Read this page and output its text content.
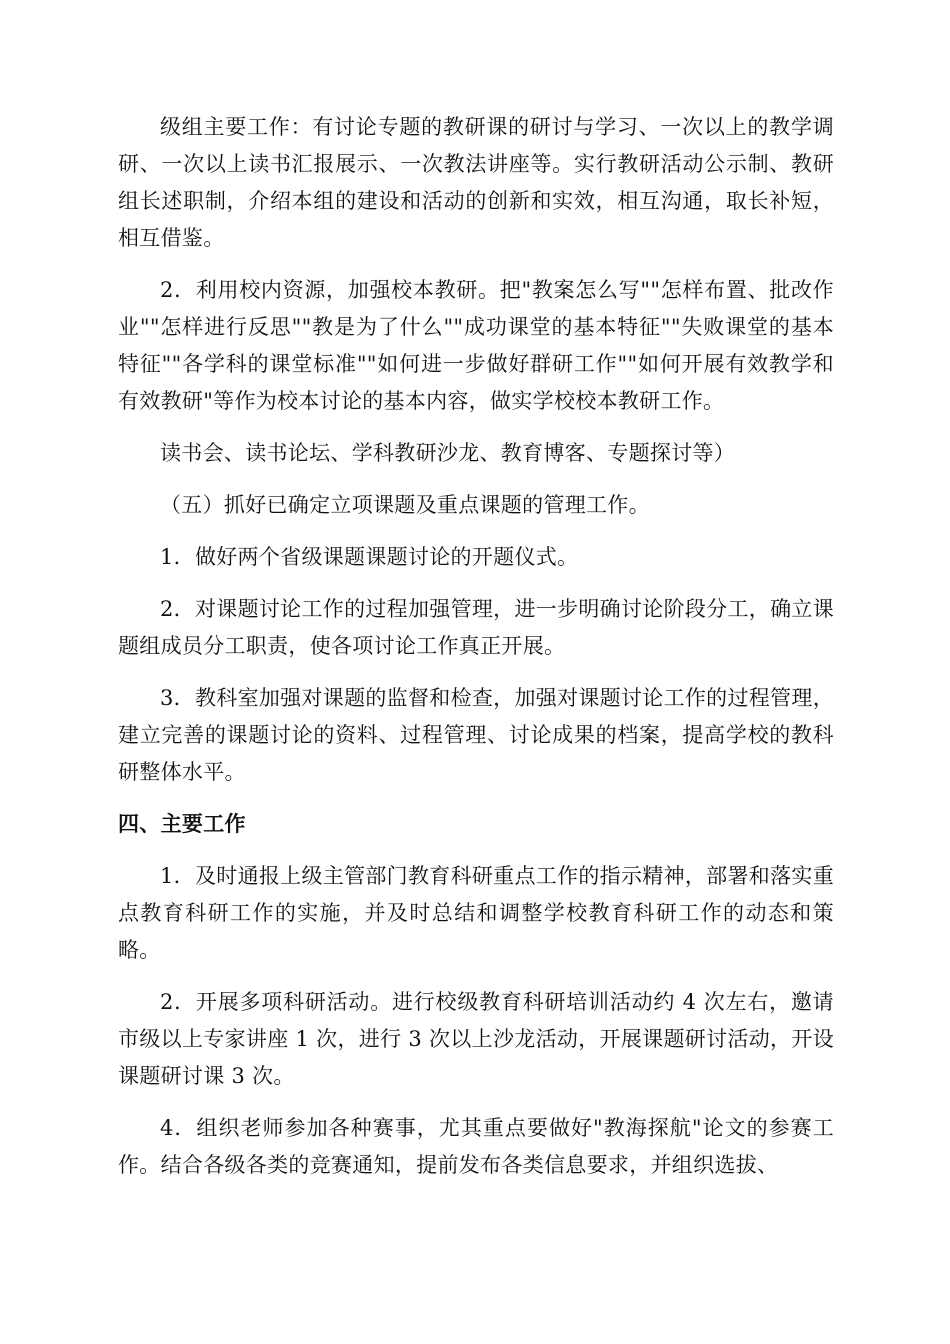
级组主要工作：有讨论专题的教研课的研讨与学习、一次以上的教学调研、一次以上读书汇报展示、一次教法讲座等。实行教研活动公示制、教研组长述职制，介绍本组的建设和活动的创新和实效，相互沟通，取长补短，相互借鉴。

2．利用校内资源，加强校本教研。把"教案怎么写""怎样布置、批改作业""怎样进行反思""教是为了什么""成功课堂的基本特征""失败课堂的基本特征""各学科的课堂标准""如何进一步做好群研工作""如何开展有效教学和有效教研"等作为校本讨论的基本内容，做实学校校本教研工作。

读书会、读书论坛、学科教研沙龙、教育博客、专题探讨等）

（五）抓好已确定立项课题及重点课题的管理工作。

1．做好两个省级课题课题讨论的开题仪式。

2．对课题讨论工作的过程加强管理，进一步明确讨论阶段分工，确立课题组成员分工职责，使各项讨论工作真正开展。

3．教科室加强对课题的监督和检查，加强对课题讨论工作的过程管理，建立完善的课题讨论的资料、过程管理、讨论成果的档案，提高学校的教科研整体水平。

四、主要工作

1．及时通报上级主管部门教育科研重点工作的指示精神，部署和落实重点教育科研工作的实施，并及时总结和调整学校教育科研工作的动态和策略。

2．开展多项科研活动。进行校级教育科研培训活动约 4 次左右，邀请市级以上专家讲座 1 次，进行 3 次以上沙龙活动，开展课题研讨活动，开设课题研讨课 3 次。

4．组织老师参加各种赛事，尤其重点要做好"教海探航"论文的参赛工作。结合各级各类的竞赛通知，提前发布各类信息要求，并组织选拔、
